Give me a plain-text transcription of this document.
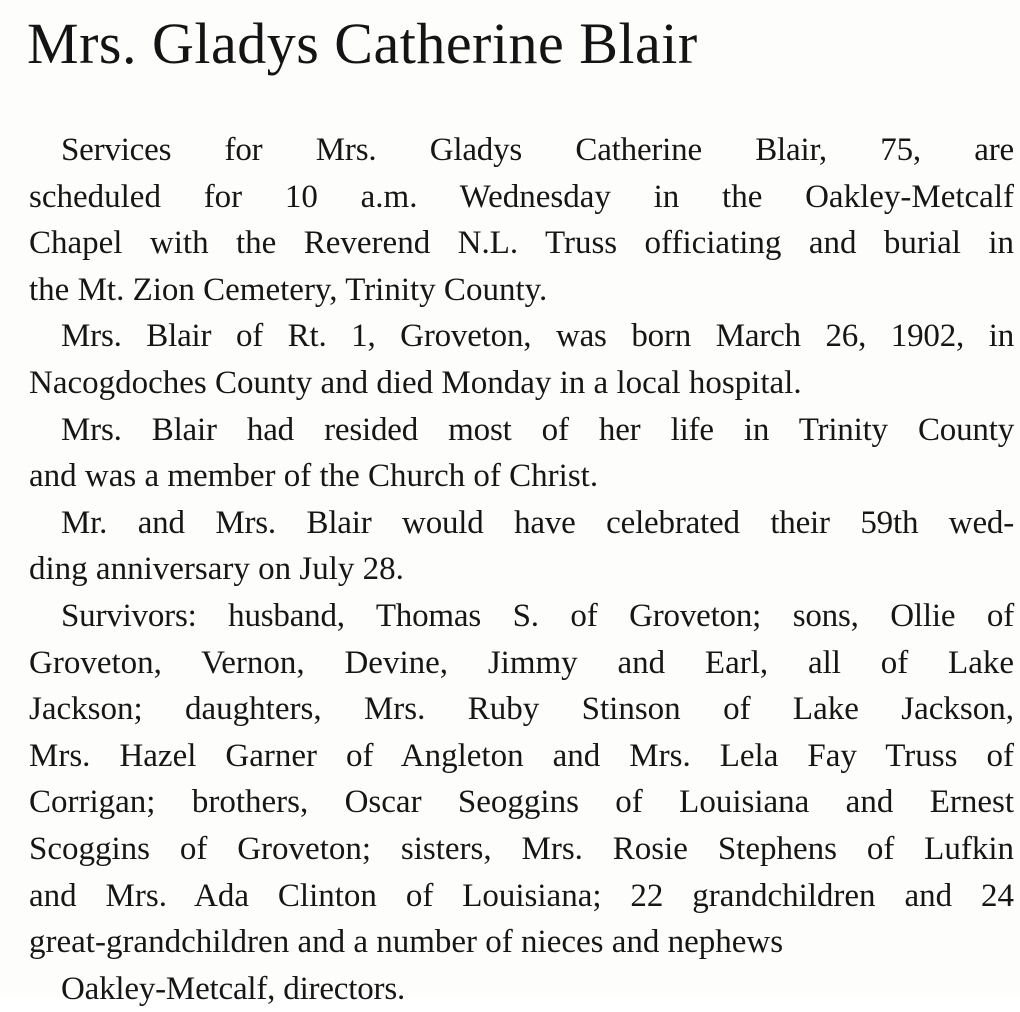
Mrs. Gladys Catherine Blair
Services for Mrs. Gladys Catherine Blair, 75, are
scheduled for 10 a.m. Wednesday in the Oakley-Metcalf
Chapel with the Reverend N.L. Truss officiating and burial in
the Mt. Zion Cemetery, Trinity County.
Mrs. Blair of Rt. 1, Groveton, was born March 26, 1902, in
Nacogdoches County and died Monday in a local hospital.
Mrs. Blair had resided most of her life in Trinity County
and was a member of the Church of Christ.
Mr. and Mrs. Blair would have celebrated their 59th wed-
ding anniversary on July 28.
Survivors: husband, Thomas S. of Groveton; sons, Ollie of
Groveton, Vernon, Devine, Jimmy and Earl, all of Lake
Jackson; daughters, Mrs. Ruby Stinson of Lake Jackson,
Mrs. Hazel Garner of Angleton and Mrs. Lela Fay Truss of
Corrigan; brothers, Oscar Seoggins of Louisiana and Ernest
Scoggins of Groveton; sisters, Mrs. Rosie Stephens of Lufkin
and Mrs. Ada Clinton of Louisiana; 22 grandchildren and 24
great-grandchildren and a number of nieces and nephews
Oakley-Metcalf, directors.
